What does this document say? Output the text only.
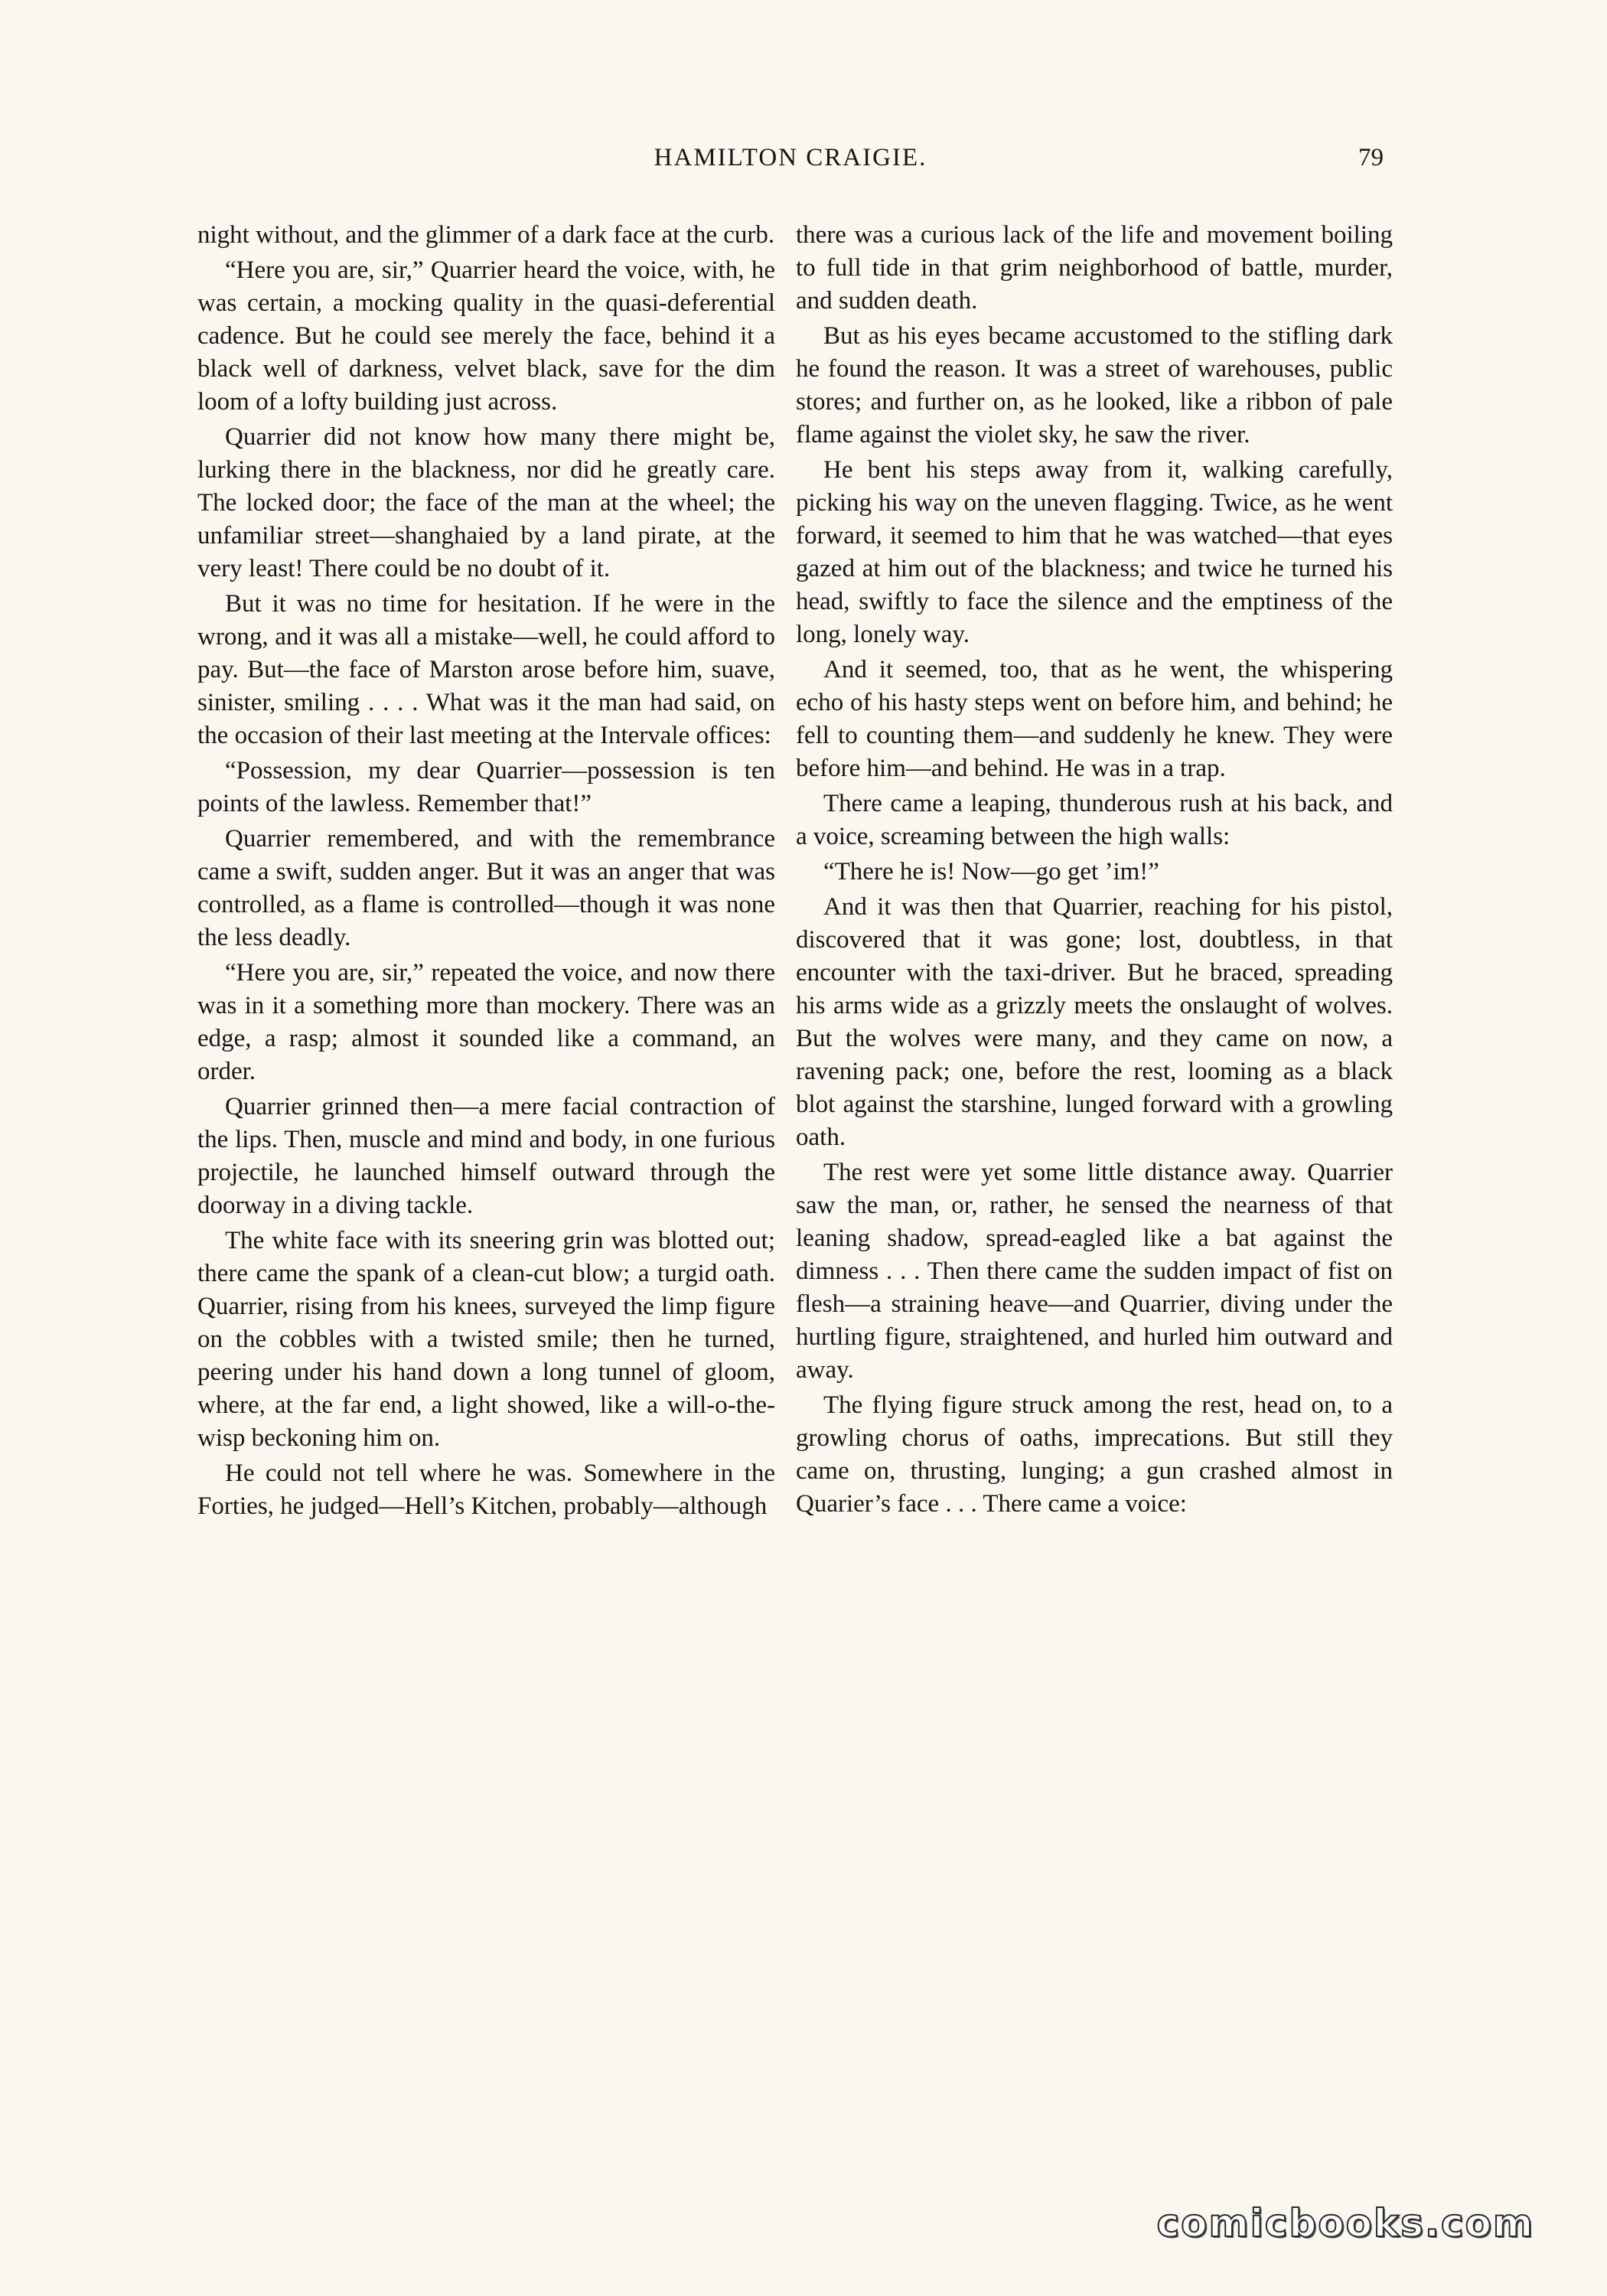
HAMILTON CRAIGIE.	79

night without, and the glimmer of a dark face at the curb.

“Here you are, sir,” Quarrier heard the voice, with, he was certain, a mocking quality in the quasi-deferential cadence. But he could see merely the face, behind it a black well of darkness, velvet black, save for the dim loom of a lofty building just across.

Quarrier did not know how many there might be, lurking there in the blackness, nor did he greatly care. The locked door; the face of the man at the wheel; the unfamiliar street—shanghaied by a land pirate, at the very least! There could be no doubt of it.

But it was no time for hesitation. If he were in the wrong, and it was all a mistake—well, he could afford to pay. But—the face of Marston arose before him, suave, sinister, smiling . . . . What was it the man had said, on the occasion of their last meeting at the Intervale offices:

“Possession, my dear Quarrier—possession is ten points of the lawless. Remember that!”

Quarrier remembered, and with the remembrance came a swift, sudden anger. But it was an anger that was controlled, as a flame is controlled—though it was none the less deadly.

“Here you are, sir,” repeated the voice, and now there was in it a something more than mockery. There was an edge, a rasp; almost it sounded like a command, an order.

Quarrier grinned then—a mere facial contraction of the lips. Then, muscle and mind and body, in one furious projectile, he launched himself outward through the doorway in a diving tackle.

The white face with its sneering grin was blotted out; there came the spank of a clean-cut blow; a turgid oath. Quarrier, rising from his knees, surveyed the limp figure on the cobbles with a twisted smile; then he turned, peering under his hand down a long tunnel of gloom, where, at the far end, a light showed, like a will-o-the-wisp beckoning him on.

He could not tell where he was. Somewhere in the Forties, he judged—Hell’s Kitchen, probably—although

there was a curious lack of the life and movement boiling to full tide in that grim neighborhood of battle, murder, and sudden death.

But as his eyes became accustomed to the stifling dark he found the reason. It was a street of warehouses, public stores; and further on, as he looked, like a ribbon of pale flame against the violet sky, he saw the river.

He bent his steps away from it, walking carefully, picking his way on the uneven flagging. Twice, as he went forward, it seemed to him that he was watched—that eyes gazed at him out of the blackness; and twice he turned his head, swiftly to face the silence and the emptiness of the long, lonely way.

And it seemed, too, that as he went, the whispering echo of his hasty steps went on before him, and behind; he fell to counting them—and suddenly he knew. They were before him—and behind. He was in a trap.

There came a leaping, thunderous rush at his back, and a voice, screaming between the high walls:

“There he is! Now—go get ’im!”

And it was then that Quarrier, reaching for his pistol, discovered that it was gone; lost, doubtless, in that encounter with the taxi-driver. But he braced, spreading his arms wide as a grizzly meets the onslaught of wolves. But the wolves were many, and they came on now, a ravening pack; one, before the rest, looming as a black blot against the starshine, lunged forward with a growling oath.

The rest were yet some little distance away. Quarrier saw the man, or, rather, he sensed the nearness of that leaning shadow, spread-eagled like a bat against the dimness . . . Then there came the sudden impact of fist on flesh—a straining heave—and Quarrier, diving under the hurtling figure, straightened, and hurled him outward and away.

The flying figure struck among the rest, head on, to a growling chorus of oaths, imprecations. But still they came on, thrusting, lunging; a gun crashed almost in Quarier’s face . . . There came a voice:

comicbooks.com
